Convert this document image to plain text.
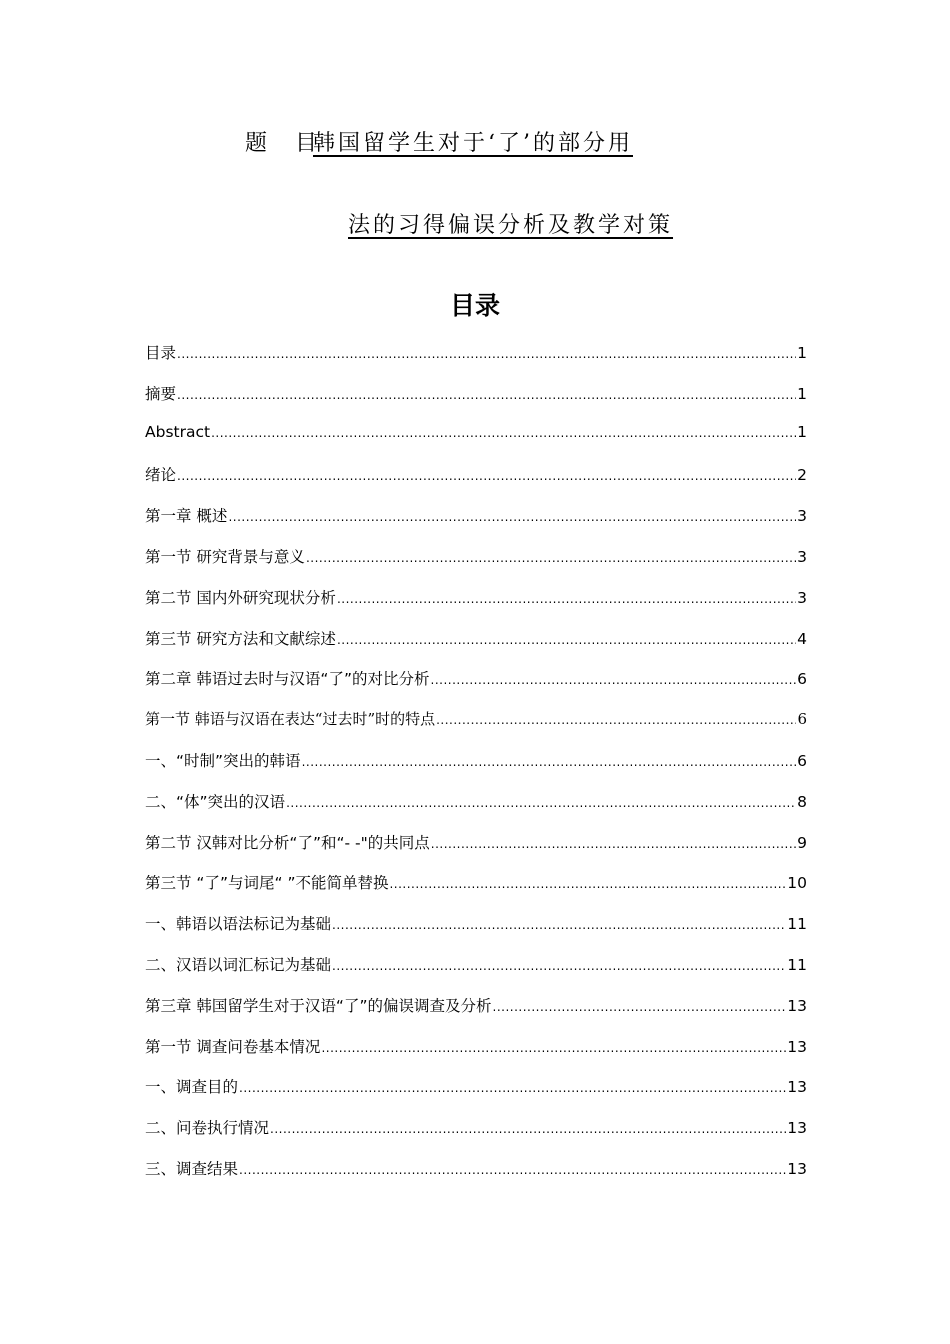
题　目韩国留学生对于‘了’的部分用
法的习得偏误分析及教学对策
目录
目录 .....	1
摘要 .....	1
Abstract .....	1
绪论 .....	2
第一章 概述 .....	3
第一节 研究背景与意义 .....	3
第二节 国内外研究现状分析 .....	3
第三节 研究方法和文献综述 .....	4
第二章 韩语过去时与汉语“了”的对比分析 .....	6
第一节 韩语与汉语在表达“过去时”时的特点 .....	6
一、“时制”突出的韩语 .....	6
二、“体”突出的汉语 .....	8
第二节 汉韩对比分析“了”和“- -"的共同点 .....	9
第三节 “了”与词尾“ ”不能简单替换 .....	10
一、韩语以语法标记为基础 .....	11
二、汉语以词汇标记为基础 .....	11
第三章 韩国留学生对于汉语“了”的偏误调查及分析 .....	13
第一节 调查问卷基本情况 .....	13
一、调查目的 .....	13
二、问卷执行情况 .....	13
三、调查结果 .....	13
